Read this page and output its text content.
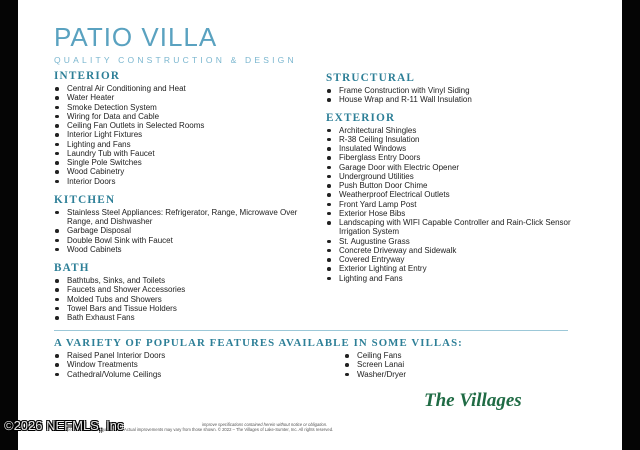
PATIO VILLA
QUALITY CONSTRUCTION & DESIGN
INTERIOR
Central Air Conditioning and Heat
Water Heater
Smoke Detection System
Wiring for Data and Cable
Ceiling Fan Outlets in Selected Rooms
Interior Light Fixtures
Lighting and Fans
Laundry Tub with Faucet
Single Pole Switches
Wood Cabinetry
Interior Doors
KITCHEN
Stainless Steel Appliances: Refrigerator, Range, Microwave Over Range, and Dishwasher
Garbage Disposal
Double Bowl Sink with Faucet
Wood Cabinets
BATH
Bathtubs, Sinks, and Toilets
Faucets and Shower Accessories
Molded Tubs and Showers
Towel Bars and Tissue Holders
Bath Exhaust Fans
STRUCTURAL
Frame Construction with Vinyl Siding
House Wrap and R-11 Wall Insulation
EXTERIOR
Architectural Shingles
R-38 Ceiling Insulation
Insulated Windows
Fiberglass Entry Doors
Garage Door with Electric Opener
Underground Utilities
Push Button Door Chime
Weatherproof Electrical Outlets
Front Yard Lamp Post
Exterior Hose Bibs
Landscaping with WIFI Capable Controller and Rain-Click Sensor Irrigation System
St. Augustine Grass
Concrete Driveway and Sidewalk
Covered Entryway
Exterior Lighting at Entry
Lighting and Fans
A VARIETY OF POPULAR FEATURES AVAILABLE IN SOME VILLAS:
Raised Panel Interior Doors
Window Treatments
Cathedral/Volume Ceilings
Ceiling Fans
Screen Lanai
Washer/Dryer
The Villages
improve specifications contained herein without notice or obligation.
Developer has met our requirements. Actual improvements may vary from those shown. © 2022 – The Villages of Lake-Sumter, Inc. All rights reserved.
©2026 NEFMLS, Inc
